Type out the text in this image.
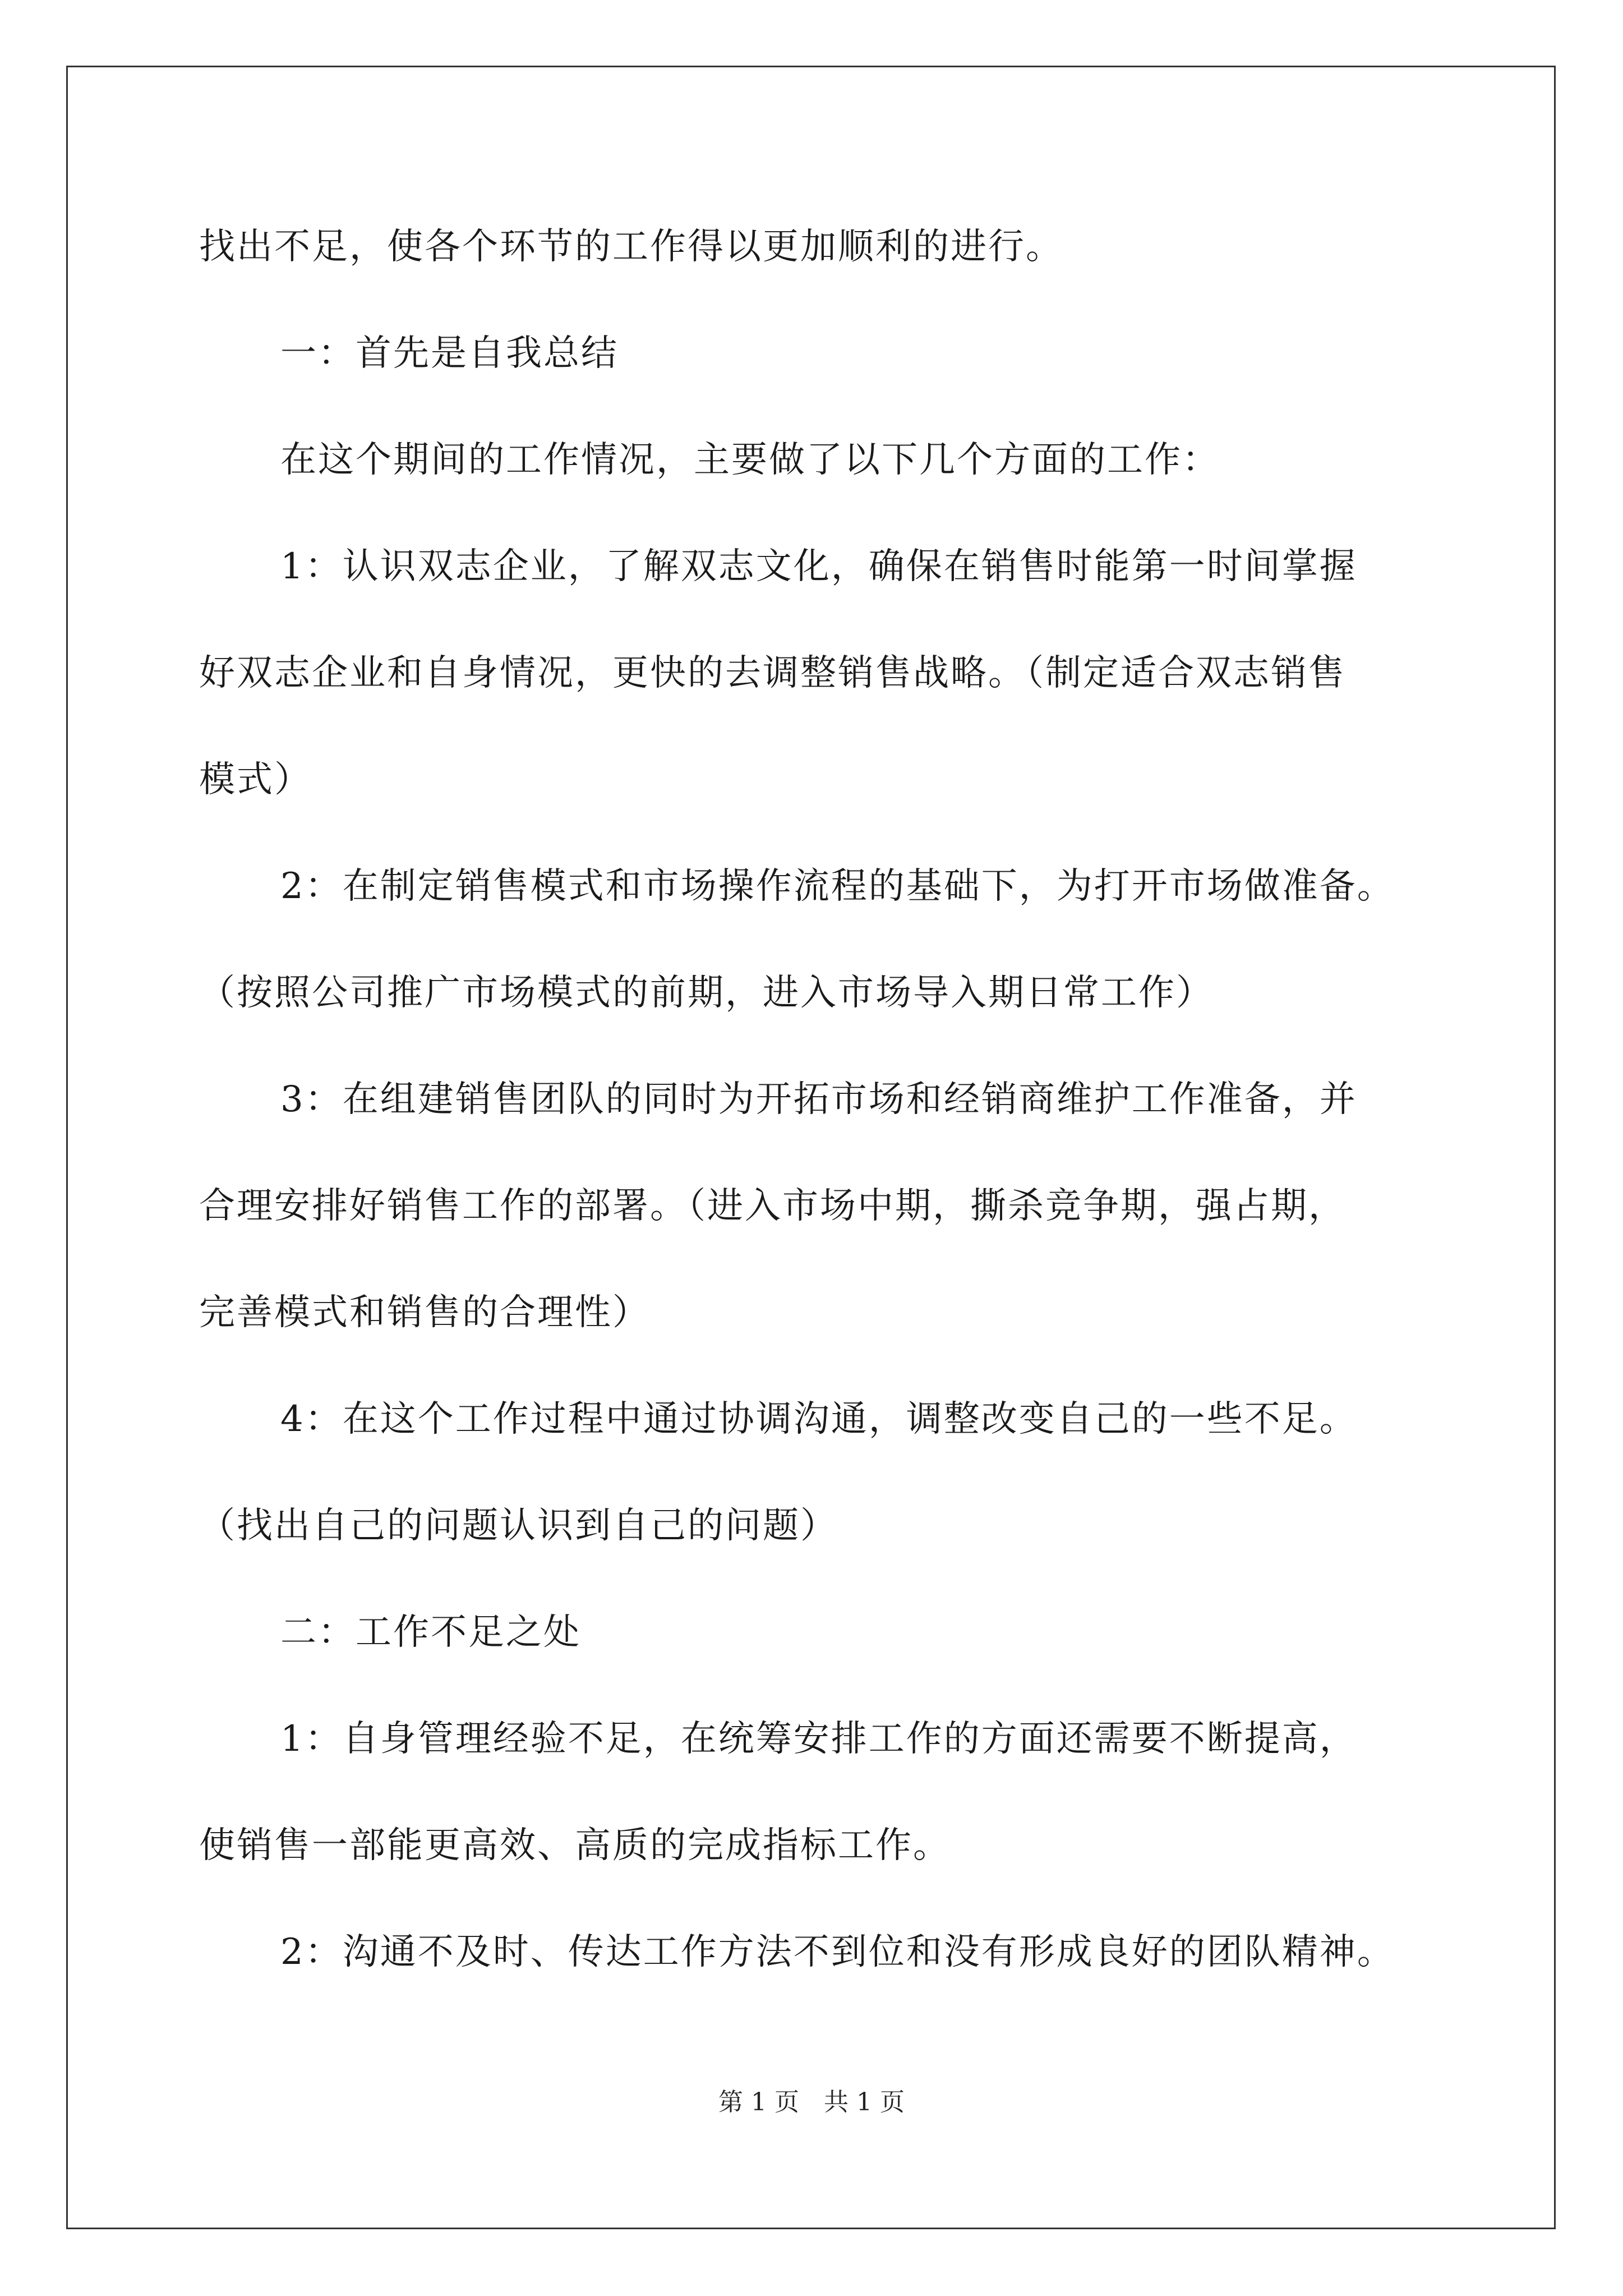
找出不足，使各个环节的工作得以更加顺利的进行。
一：首先是自我总结
在这个期间的工作情况，主要做了以下几个方面的工作：
1：认识双志企业，了解双志文化，确保在销售时能第一时间掌握
好双志企业和自身情况，更快的去调整销售战略。（制定适合双志销售
模式）
2：在制定销售模式和市场操作流程的基础下，为打开市场做准备。
（按照公司推广市场模式的前期，进入市场导入期日常工作）
3：在组建销售团队的同时为开拓市场和经销商维护工作准备，并
合理安排好销售工作的部署。（进入市场中期，撕杀竞争期，强占期，
完善模式和销售的合理性）
4：在这个工作过程中通过协调沟通，调整改变自己的一些不足。
（找出自己的问题认识到自己的问题）
二：工作不足之处
1：自身管理经验不足，在统筹安排工作的方面还需要不断提高，
使销售一部能更高效、高质的完成指标工作。
2：沟通不及时、传达工作方法不到位和没有形成良好的团队精神。
第 1 页　共 1 页
